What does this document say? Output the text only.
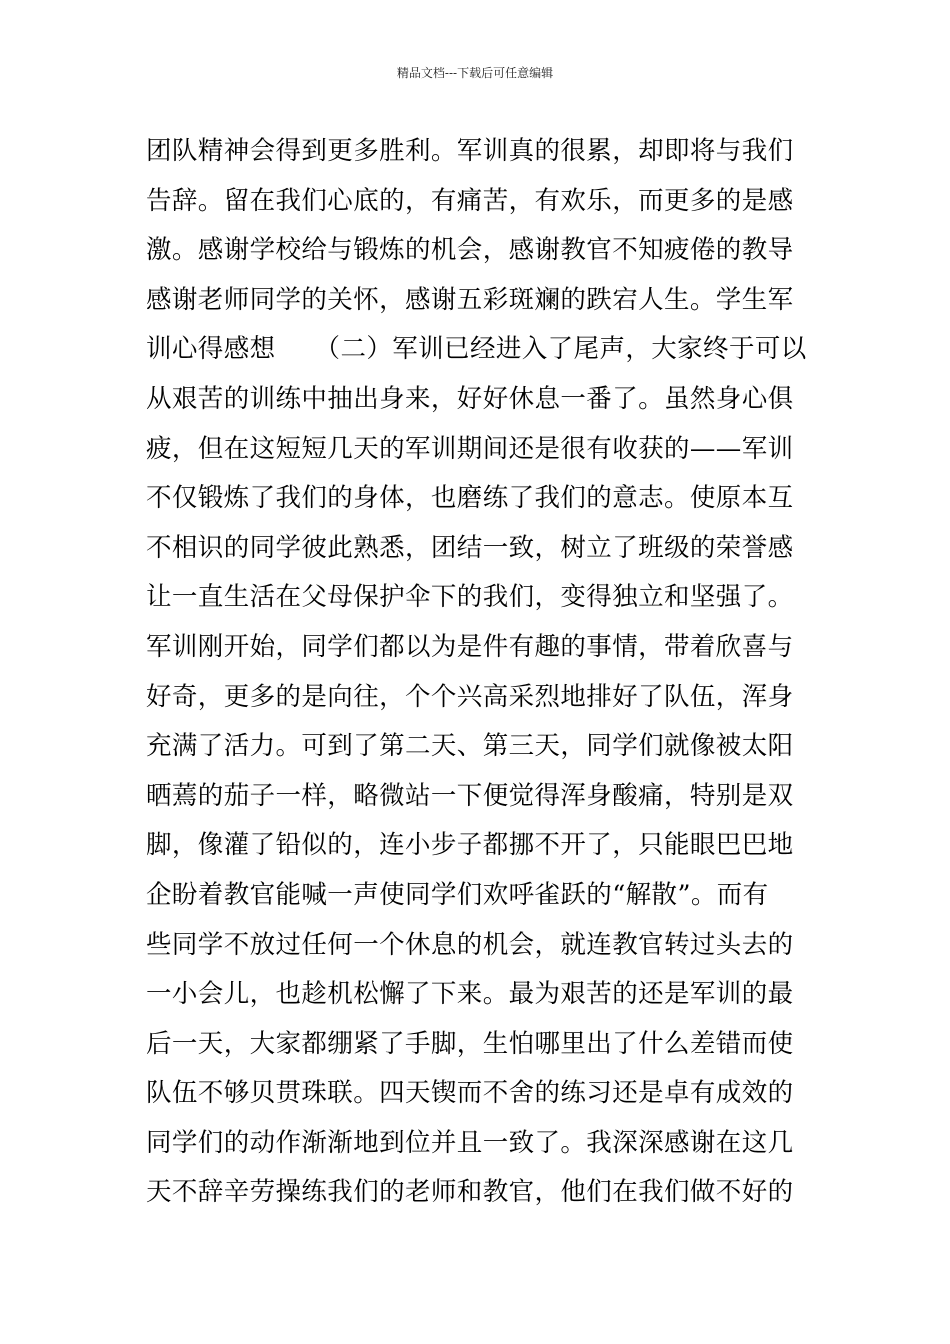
精品文档---下载后可任意编辑
团队精神会得到更多胜利。军训真的很累，却即将与我们
告辞。留在我们心底的，有痛苦，有欢乐，而更多的是感
激。感谢学校给与锻炼的机会，感谢教官不知疲倦的教导
感谢老师同学的关怀，感谢五彩斑斓的跌宕人生。学生军
训心得感想　　（二）军训已经进入了尾声，大家终于可以
从艰苦的训练中抽出身来，好好休息一番了。虽然身心俱
疲，但在这短短几天的军训期间还是很有收获的——军训
不仅锻炼了我们的身体，也磨练了我们的意志。使原本互
不相识的同学彼此熟悉，团结一致，树立了班级的荣誉感
让一直生活在父母保护伞下的我们，变得独立和坚强了。
军训刚开始，同学们都以为是件有趣的事情，带着欣喜与
好奇，更多的是向往，个个兴高采烈地排好了队伍，浑身
充满了活力。可到了第二天、第三天，同学们就像被太阳
晒蔫的茄子一样，略微站一下便觉得浑身酸痛，特别是双
脚，像灌了铅似的，连小步子都挪不开了，只能眼巴巴地
企盼着教官能喊一声使同学们欢呼雀跃的“解散”。而有
些同学不放过任何一个休息的机会，就连教官转过头去的
一小会儿，也趁机松懈了下来。最为艰苦的还是军训的最
后一天，大家都绷紧了手脚，生怕哪里出了什么差错而使
队伍不够贝贯珠联。四天锲而不舍的练习还是卓有成效的
同学们的动作渐渐地到位并且一致了。我深深感谢在这几
天不辞辛劳操练我们的老师和教官，他们在我们做不好的
